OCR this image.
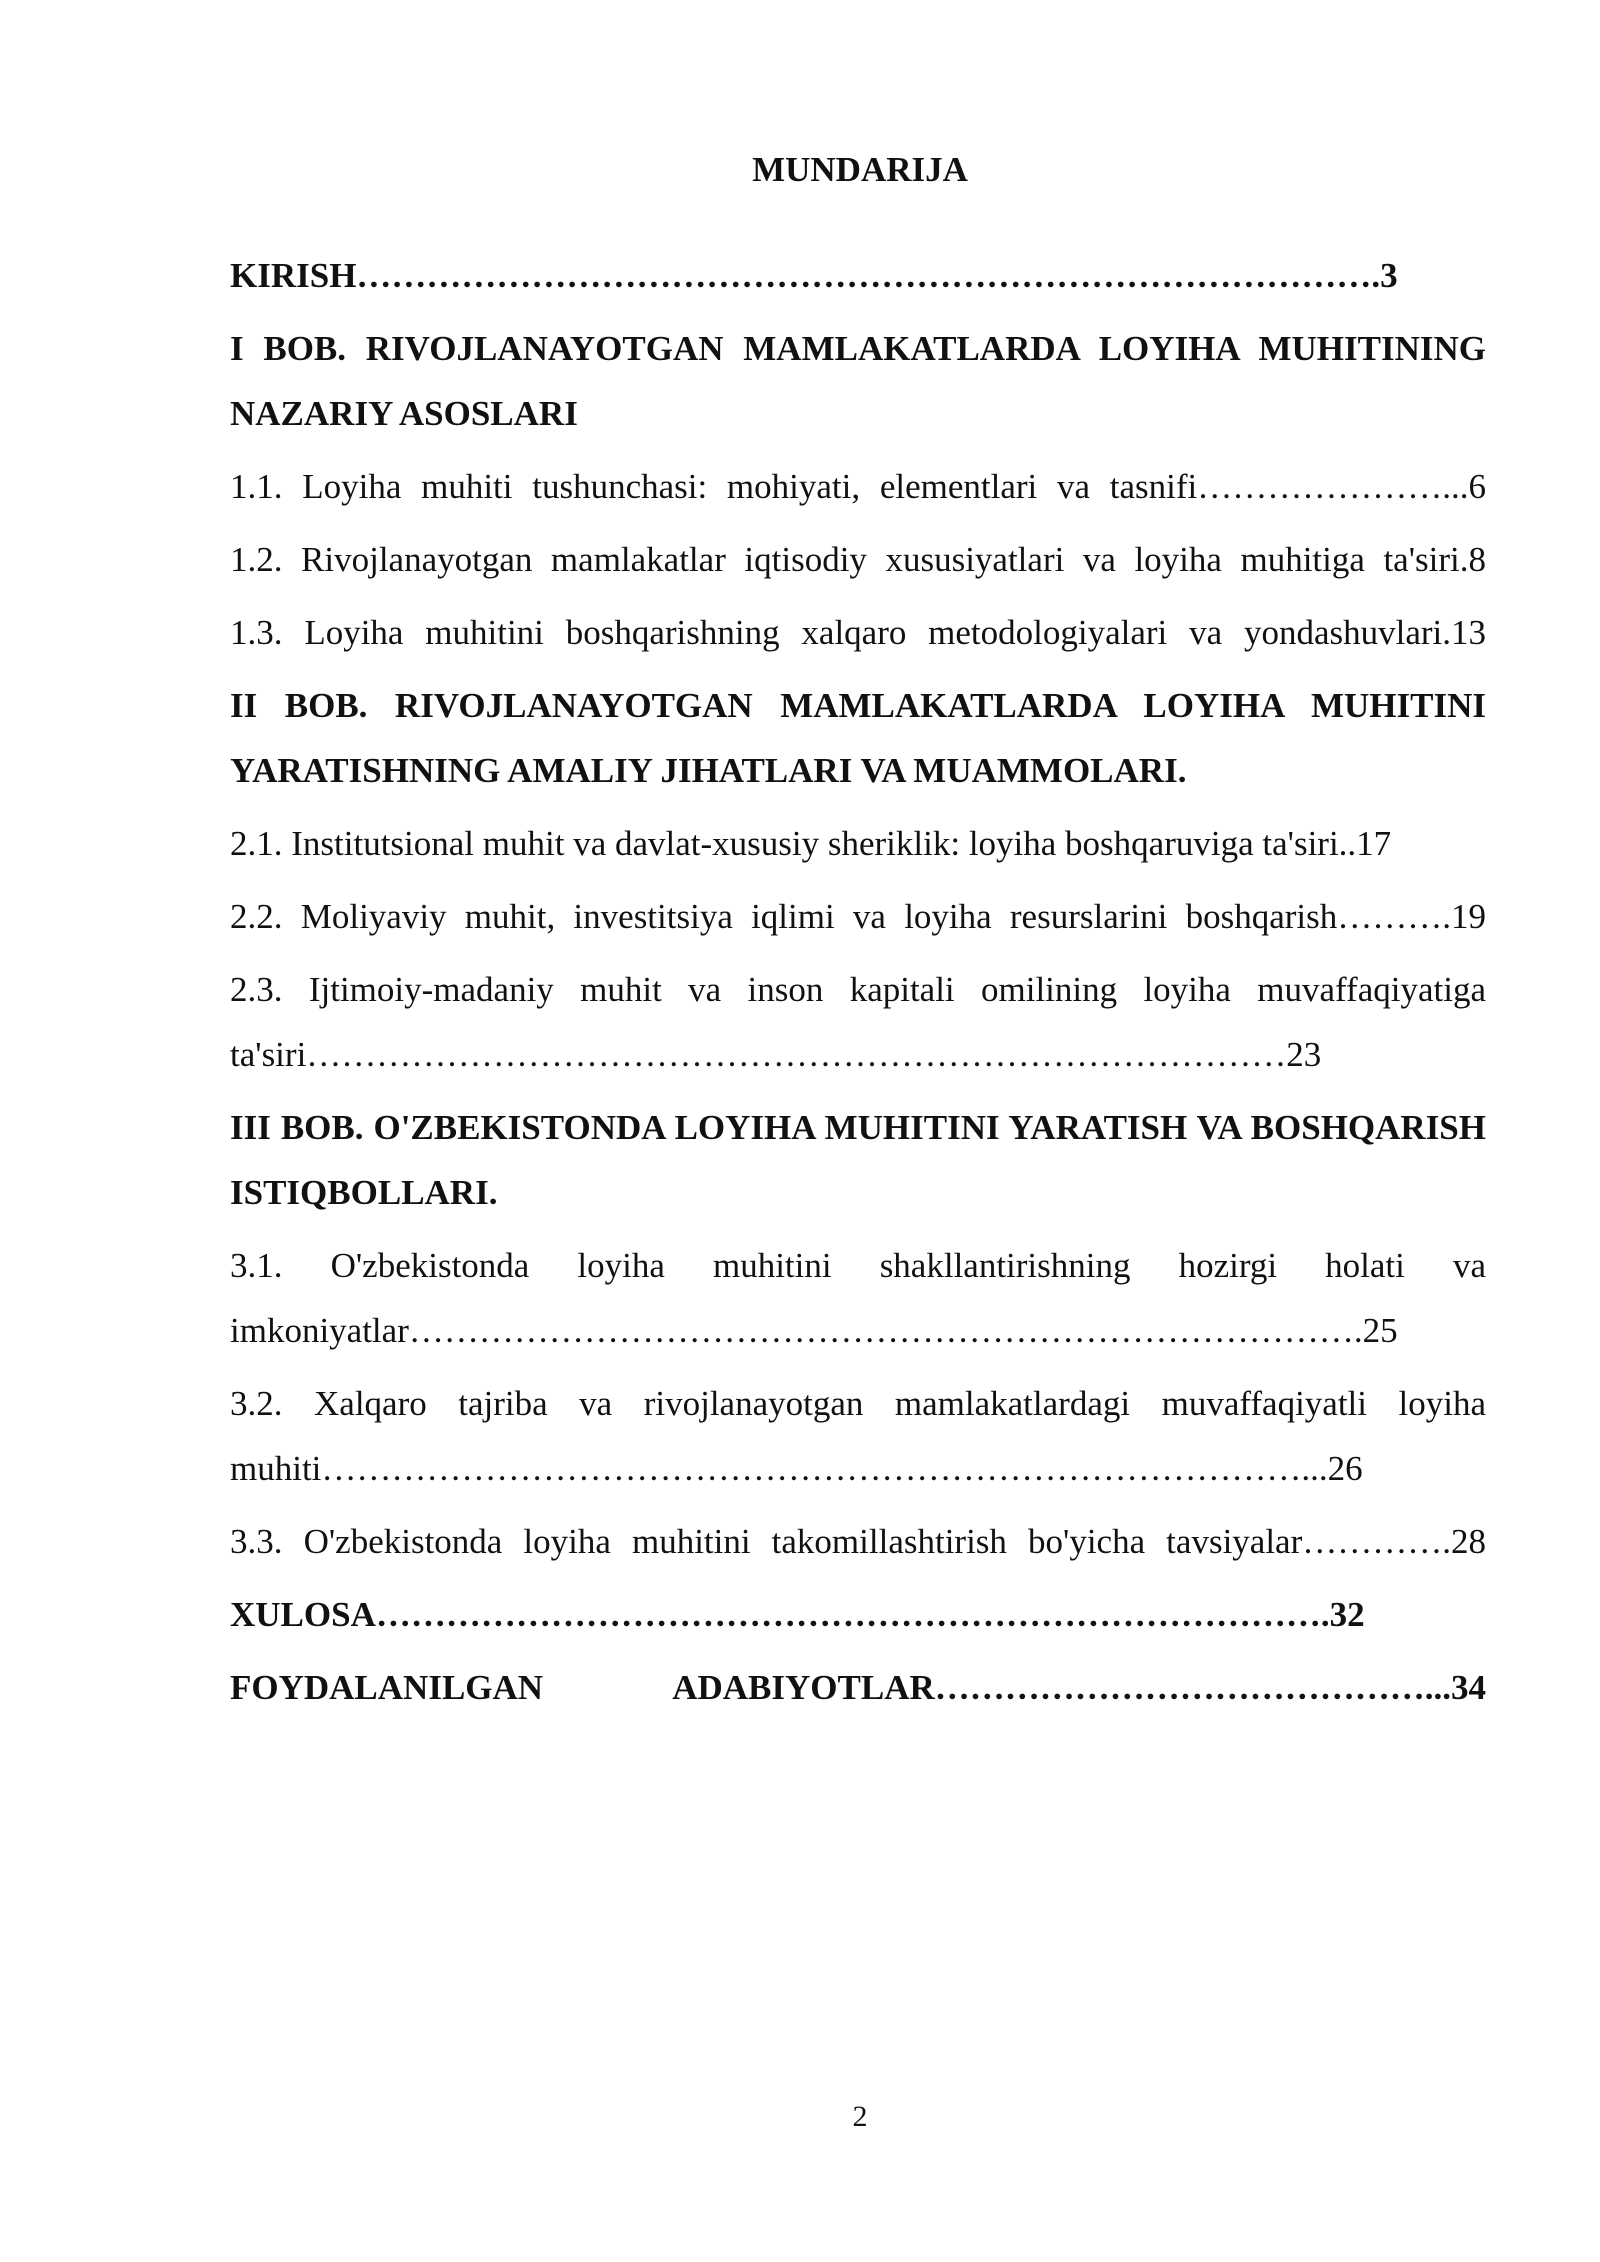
MUNDARIJA

KIRISH…………………………………………………………………………….3

I BOB. RIVOJLANAYOTGAN MAMLAKATLARDA LOYIHA MUHITINING NAZARIY ASOSLARI

1.1. Loyiha muhiti tushunchasi: mohiyati, elementlari va tasnifi…………………...6

1.2. Rivojlanayotgan mamlakatlar iqtisodiy xususiyatlari va loyiha muhitiga ta'siri.8

1.3. Loyiha muhitini boshqarishning xalqaro metodologiyalari va yondashuvlari.13

II BOB. RIVOJLANAYOTGAN MAMLAKATLARDA LOYIHA MUHITINI YARATISHNING AMALIY JIHATLARI VA MUAMMOLARI.

2.1. Institutsional muhit va davlat-xususiy sheriklik: loyiha boshqaruviga ta'siri..17

2.2. Moliyaviy muhit, investitsiya iqlimi va loyiha resurslarini boshqarish……….19

2.3. Ijtimoiy-madaniy muhit va inson kapitali omilining loyiha muvaffaqiyatiga ta'siri…………………………………………………………………………23

III BOB. O'ZBEKISTONDA LOYIHA MUHITINI YARATISH VA BOSHQARISH ISTIQBOLLARI.

3.1. O'zbekistonda loyiha muhitini shakllantirishning hozirgi holati va imkoniyatlar……………………………………………………………………….25

3.2. Xalqaro tajriba va rivojlanayotgan mamlakatlardagi muvaffaqiyatli loyiha muhiti…………………………………………………………………………...26

3.3. O'zbekistonda loyiha muhitini takomillashtirish bo'yicha tavsiyalar………….28

XULOSA……………………………………………………………………….32

FOYDALANILGAN ADABIYOTLAR……………………………………...34

2
